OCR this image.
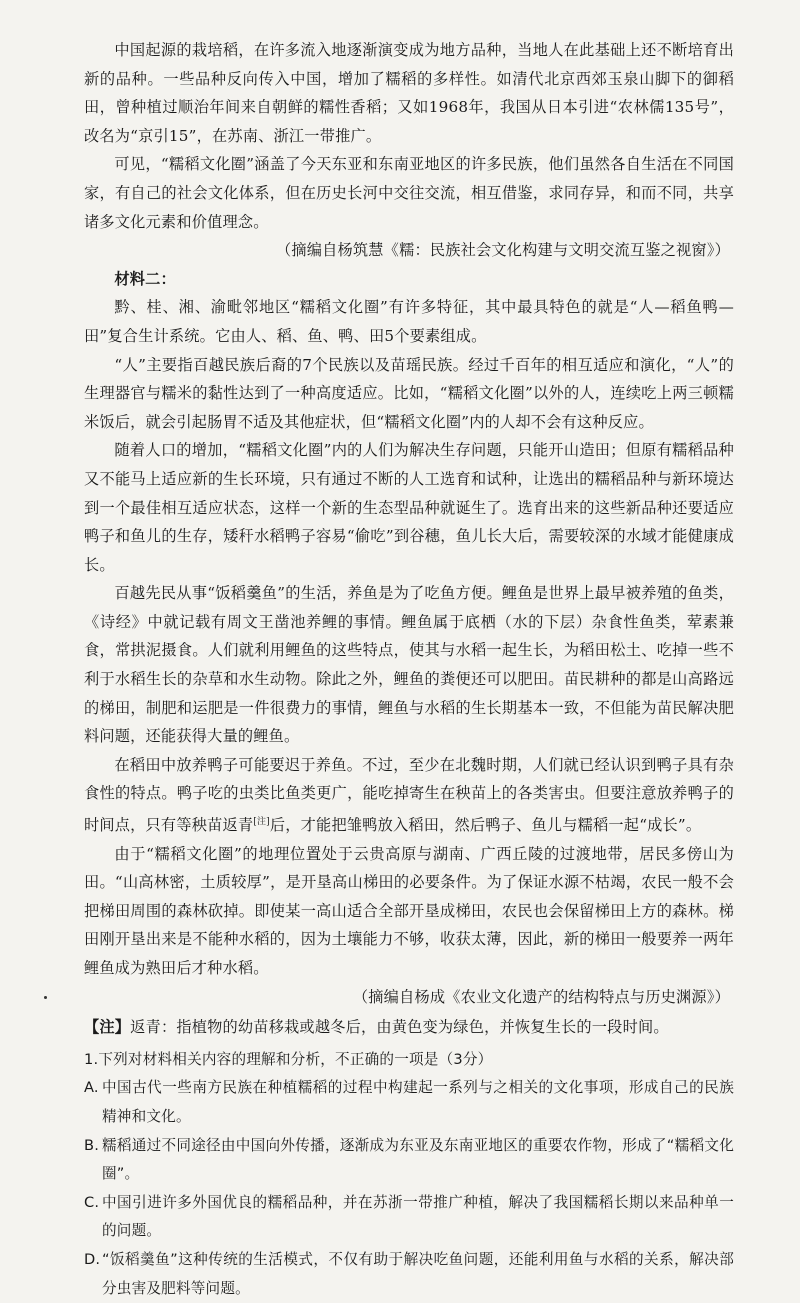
中国起源的栽培稻，在许多流入地逐渐演变成为地方品种，当地人在此基础上还不断培育出新的品种。一些品种反向传入中国，增加了糯稻的多样性。如清代北京西郊玉泉山脚下的御稻田，曾种植过顺治年间来自朝鲜的糯性香稻；又如1968年，我国从日本引进“农林儒135号”，改名为“京引15”，在苏南、浙江一带推广。

可见，“糯稻文化圈”涵盖了今天东亚和东南亚地区的许多民族，他们虽然各自生活在不同国家，有自己的社会文化体系，但在历史长河中交往交流，相互借鉴，求同存异，和而不同，共享诸多文化元素和价值理念。

（摘编自杨筑慧《糯：民族社会文化构建与文明交流互鉴之视窗》）

材料二：

黔、桂、湘、渝毗邻地区“糯稻文化圈”有许多特征，其中最具特色的就是“人—稻鱼鸭—田”复合生计系统。它由人、稻、鱼、鸭、田5个要素组成。

“人”主要指百越民族后裔的7个民族以及苗瑶民族。经过千百年的相互适应和演化，“人”的生理器官与糯米的黏性达到了一种高度适应。比如，“糯稻文化圈”以外的人，连续吃上两三顿糯米饭后，就会引起肠胃不适及其他症状，但“糯稻文化圈”内的人却不会有这种反应。

随着人口的增加，“糯稻文化圈”内的人们为解决生存问题，只能开山造田；但原有糯稻品种又不能马上适应新的生长环境，只有通过不断的人工选育和试种，让选出的糯稻品种与新环境达到一个最佳相互适应状态，这样一个新的生态型品种就诞生了。选育出来的这些新品种还要适应鸭子和鱼儿的生存，矮秆水稻鸭子容易“偷吃”到谷穗，鱼儿长大后，需要较深的水域才能健康成长。

百越先民从事“饭稻羹鱼”的生活，养鱼是为了吃鱼方便。鲤鱼是世界上最早被养殖的鱼类，《诗经》中就记载有周文王凿池养鲤的事情。鲤鱼属于底栖（水的下层）杂食性鱼类，荤素兼食，常拱泥摄食。人们就利用鲤鱼的这些特点，使其与水稻一起生长，为稻田松土、吃掉一些不利于水稻生长的杂草和水生动物。除此之外，鲤鱼的粪便还可以肥田。苗民耕种的都是山高路远的梯田，制肥和运肥是一件很费力的事情，鲤鱼与水稻的生长期基本一致，不但能为苗民解决肥料问题，还能获得大量的鲤鱼。

在稻田中放养鸭子可能要迟于养鱼。不过，至少在北魏时期，人们就已经认识到鸭子具有杂食性的特点。鸭子吃的虫类比鱼类更广，能吃掉寄生在秧苗上的各类害虫。但要注意放养鸭子的时间点，只有等秧苗返青[注]后，才能把雏鸭放入稻田，然后鸭子、鱼儿与糯稻一起“成长”。

由于“糯稻文化圈”的地理位置处于云贵高原与湖南、广西丘陵的过渡地带，居民多傍山为田。“山高林密，土质较厚”，是开垦高山梯田的必要条件。为了保证水源不枯竭，农民一般不会把梯田周围的森林砍掉。即使某一高山适合全部开垦成梯田，农民也会保留梯田上方的森林。梯田刚开垦出来是不能种水稻的，因为土壤能力不够，收获太薄，因此，新的梯田一般要养一两年鲤鱼成为熟田后才种水稻。

（摘编自杨成《农业文化遗产的结构特点与历史渊源》）

【注】返青：指植物的幼苗移栽或越冬后，由黄色变为绿色，并恢复生长的一段时间。

1.下列对材料相关内容的理解和分析，不正确的一项是（3分）

A. 中国古代一些南方民族在种植糯稻的过程中构建起一系列与之相关的文化事项，形成自己的民族精神和文化。
B. 糯稻通过不同途径由中国向外传播，逐渐成为东亚及东南亚地区的重要农作物，形成了“糯稻文化圈”。
C. 中国引进许多外国优良的糯稻品种，并在苏浙一带推广种植，解决了我国糯稻长期以来品种单一的问题。
D. “饭稻羹鱼”这种传统的生活模式，不仅有助于解决吃鱼问题，还能利用鱼与水稻的关系，解决部分虫害及肥料等问题。
